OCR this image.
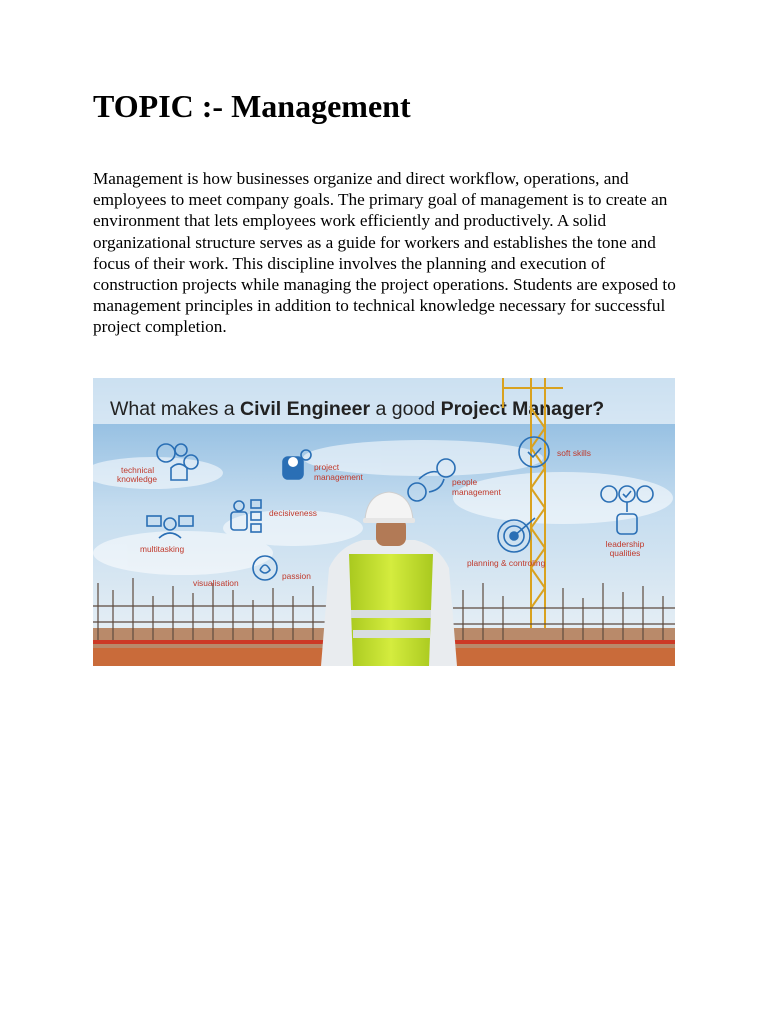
TOPIC :- Management

Management is how businesses organize and direct workflow, operations, and employees to meet company goals. The primary goal of management is to create an environment that lets employees work efficiently and productively. A solid organizational structure serves as a guide for workers and establishes the tone and focus of their work. This discipline involves the planning and execution of construction projects while managing the project operations. Students are exposed to management principles in addition to technical knowledge necessary for successful project completion.

What makes a Civil Engineer a good Project Manager?
technical
knowledge
project
management	people
management
soft skills
leadership
qualities
decisiveness
multitasking
planning & controling
visualisation
passion
